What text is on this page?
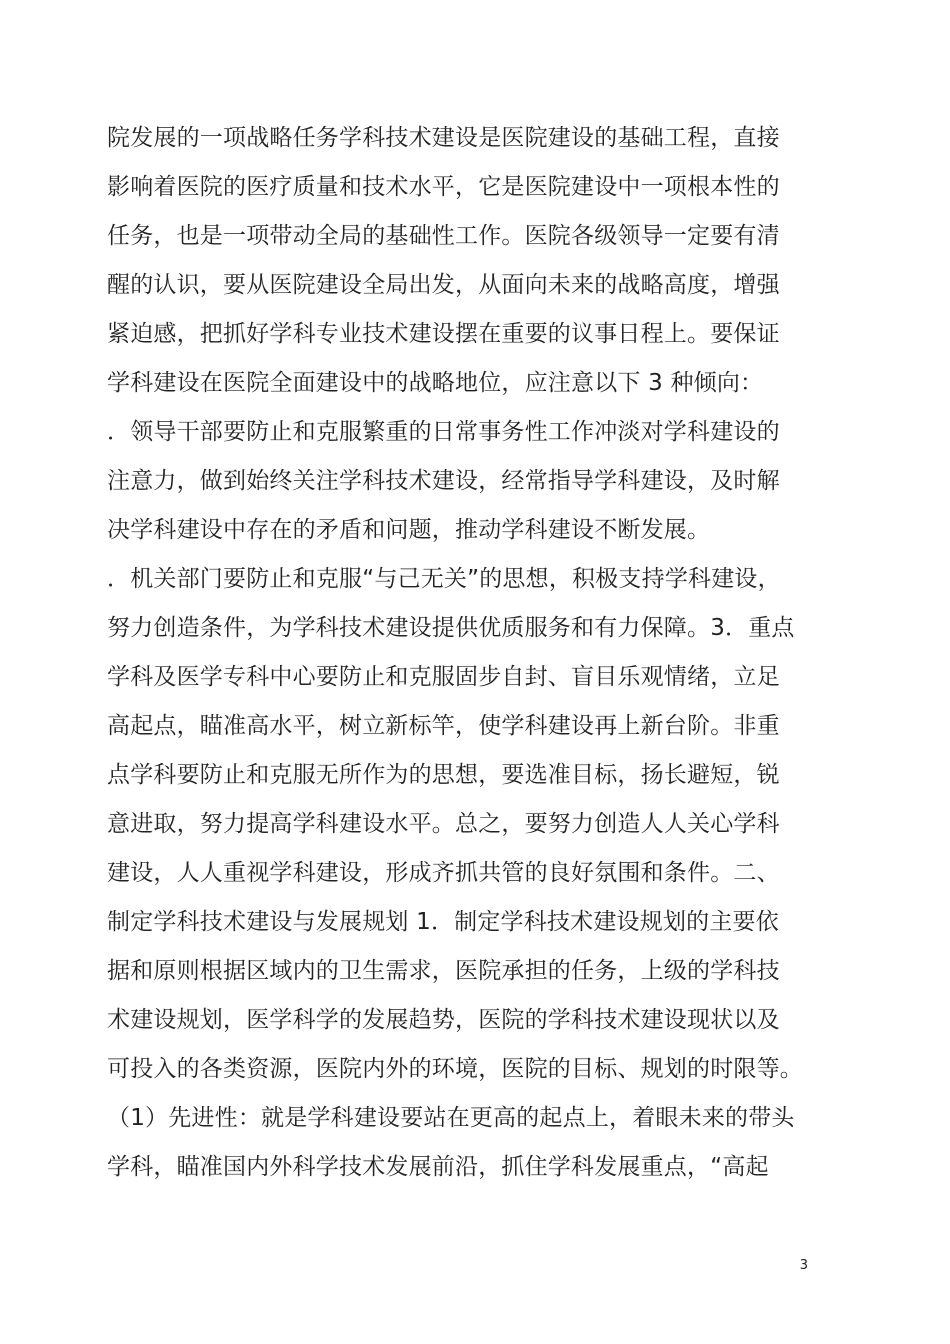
院发展的一项战略任务学科技术建设是医院建设的基础工程，直接
影响着医院的医疗质量和技术水平，它是医院建设中一项根本性的
任务，也是一项带动全局的基础性工作。医院各级领导一定要有清
醒的认识，要从医院建设全局出发，从面向未来的战略高度，增强
紧迫感，把抓好学科专业技术建设摆在重要的议事日程上。要保证
学科建设在医院全面建设中的战略地位，应注意以下 3 种倾向：
．领导干部要防止和克服繁重的日常事务性工作冲淡对学科建设的
注意力，做到始终关注学科技术建设，经常指导学科建设，及时解
决学科建设中存在的矛盾和问题，推动学科建设不断发展。
．机关部门要防止和克服“与己无关”的思想，积极支持学科建设，
努力创造条件，为学科技术建设提供优质服务和有力保障。3．重点
学科及医学专科中心要防止和克服固步自封、盲目乐观情绪，立足
高起点，瞄准高水平，树立新标竿，使学科建设再上新台阶。非重
点学科要防止和克服无所作为的思想，要选准目标，扬长避短，锐
意进取，努力提高学科建设水平。总之，要努力创造人人关心学科
建设，人人重视学科建设，形成齐抓共管的良好氛围和条件。二、
制定学科技术建设与发展规划 1．制定学科技术建设规划的主要依
据和原则根据区域内的卫生需求，医院承担的任务，上级的学科技
术建设规划，医学科学的发展趋势，医院的学科技术建设现状以及
可投入的各类资源，医院内外的环境，医院的目标、规划的时限等。
（1）先进性：就是学科建设要站在更高的起点上，着眼未来的带头
学科，瞄准国内外科学技术发展前沿，抓住学科发展重点，“高起
3
